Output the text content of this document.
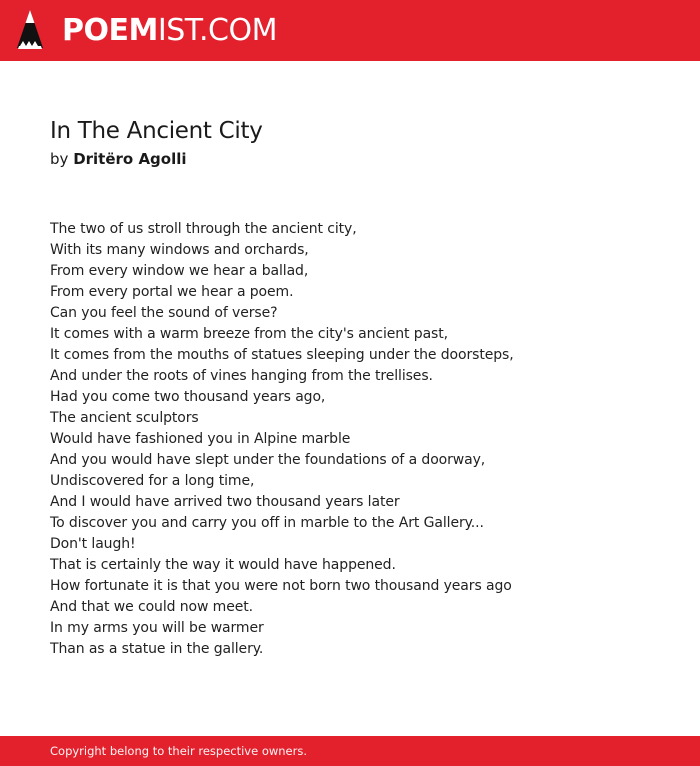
POEMIST.COM
In The Ancient City
by Dritëro Agolli
The two of us stroll through the ancient city,
With its many windows and orchards,
From every window we hear a ballad,
From every portal we hear a poem.
Can you feel the sound of verse?
It comes with a warm breeze from the city's ancient past,
It comes from the mouths of statues sleeping under the doorsteps,
And under the roots of vines hanging from the trellises.
Had you come two thousand years ago,
The ancient sculptors
Would have fashioned you in Alpine marble
And you would have slept under the foundations of a doorway,
Undiscovered for a long time,
And I would have arrived two thousand years later
To discover you and carry you off in marble to the Art Gallery...
Don't laugh!
That is certainly the way it would have happened.
How fortunate it is that you were not born two thousand years ago
And that we could now meet.
In my arms you will be warmer
Than as a statue in the gallery.
Copyright belong to their respective owners.
